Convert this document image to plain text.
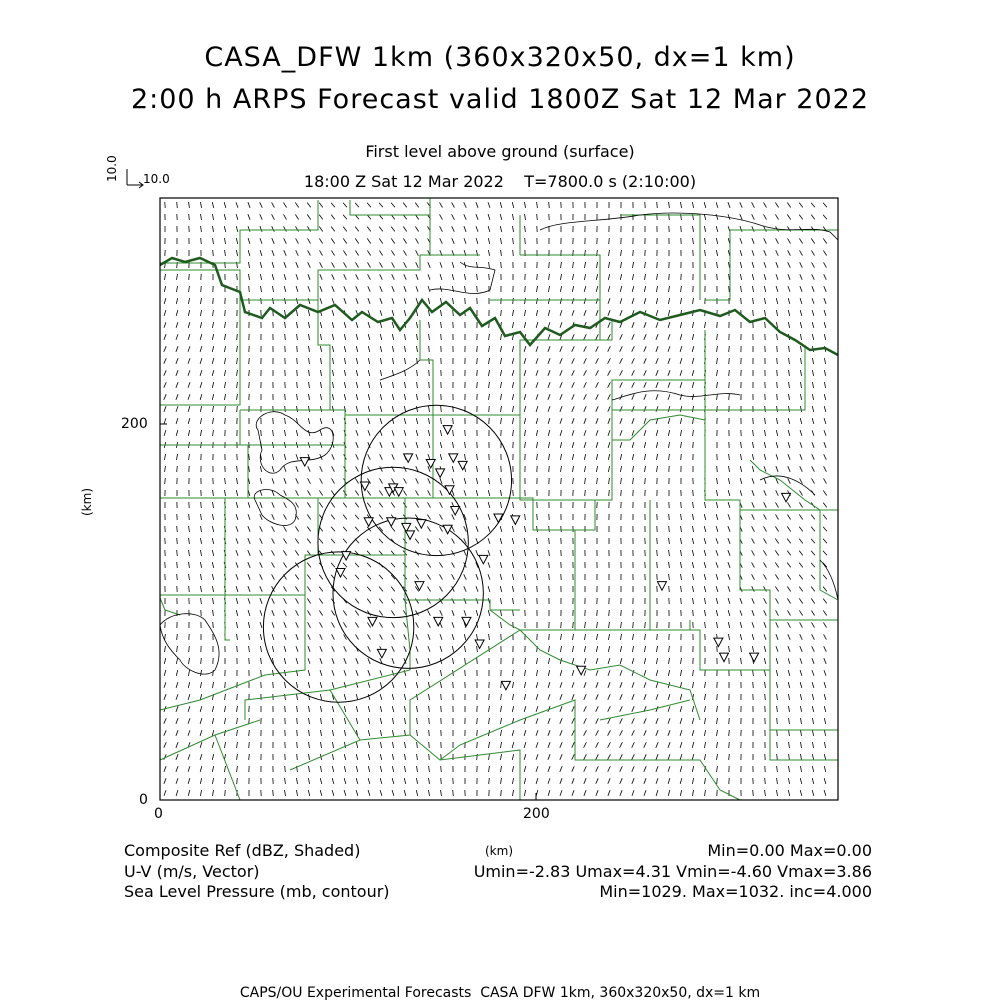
CASA_DFW 1km (360x320x50, dx=1 km)
2:00 h ARPS Forecast valid 1800Z Sat 12 Mar 2022
First level above ground (surface)
18:00 Z Sat 12 Mar 2022    T=7800.0 s (2:10:00)
10.0
10.0
0	200
0
200
(km)
(km)
Composite Ref (dBZ, Shaded)
U-V (m/s, Vector)
Sea Level Pressure (mb, contour)
Min=0.00 Max=0.00
Umin=-2.83 Umax=4.31 Vmin=-4.60 Vmax=3.86
Min=1029. Max=1032. inc=4.000
CAPS/OU Experimental Forecasts  CASA DFW 1km, 360x320x50, dx=1 km
